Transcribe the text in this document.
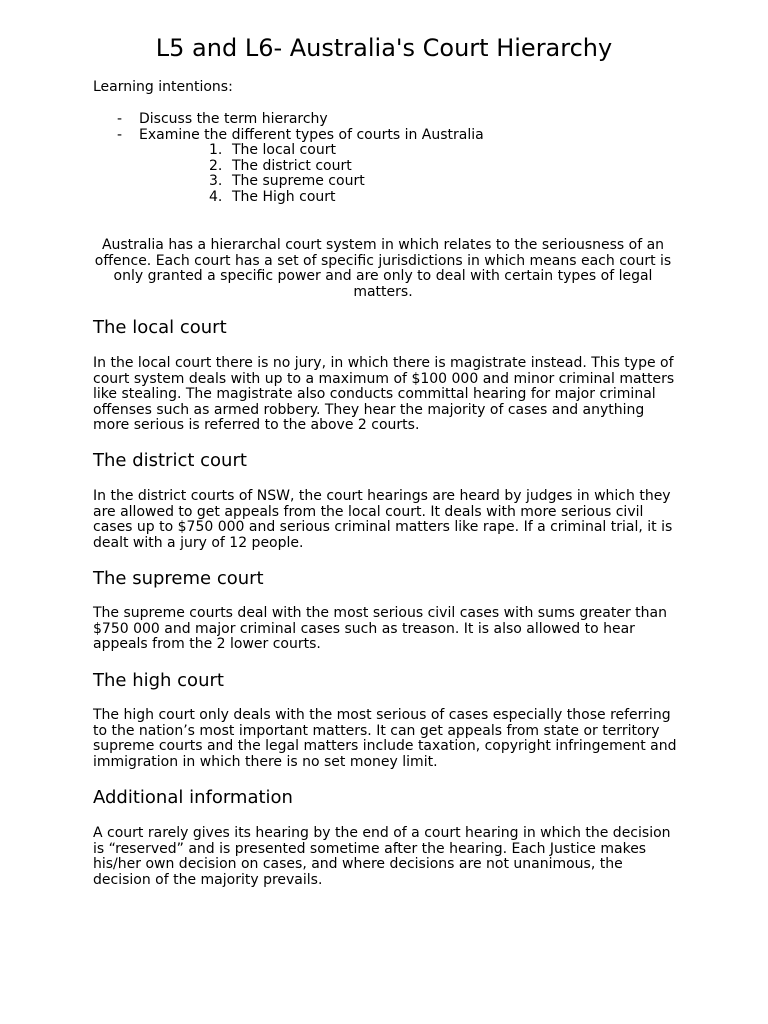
L5 and L6- Australia's Court Hierarchy

Learning intentions:

- Discuss the term hierarchy
- Examine the different types of courts in Australia
1. The local court
2. The district court
3. The supreme court
4. The High court

Australia has a hierarchal court system in which relates to the seriousness of an offence. Each court has a set of specific jurisdictions in which means each court is only granted a specific power and are only to deal with certain types of legal matters.

The local court

In the local court there is no jury, in which there is magistrate instead. This type of court system deals with up to a maximum of $100 000 and minor criminal matters like stealing. The magistrate also conducts committal hearing for major criminal offenses such as armed robbery. They hear the majority of cases and anything more serious is referred to the above 2 courts.

The district court

In the district courts of NSW, the court hearings are heard by judges in which they are allowed to get appeals from the local court. It deals with more serious civil cases up to $750 000 and serious criminal matters like rape. If a criminal trial, it is dealt with a jury of 12 people.

The supreme court

The supreme courts deal with the most serious civil cases with sums greater than $750 000 and major criminal cases such as treason. It is also allowed to hear appeals from the 2 lower courts.

The high court

The high court only deals with the most serious of cases especially those referring to the nation’s most important matters. It can get appeals from state or territory supreme courts and the legal matters include taxation, copyright infringement and immigration in which there is no set money limit.

Additional information

A court rarely gives its hearing by the end of a court hearing in which the decision is “reserved” and is presented sometime after the hearing. Each Justice makes his/her own decision on cases, and where decisions are not unanimous, the decision of the majority prevails.
